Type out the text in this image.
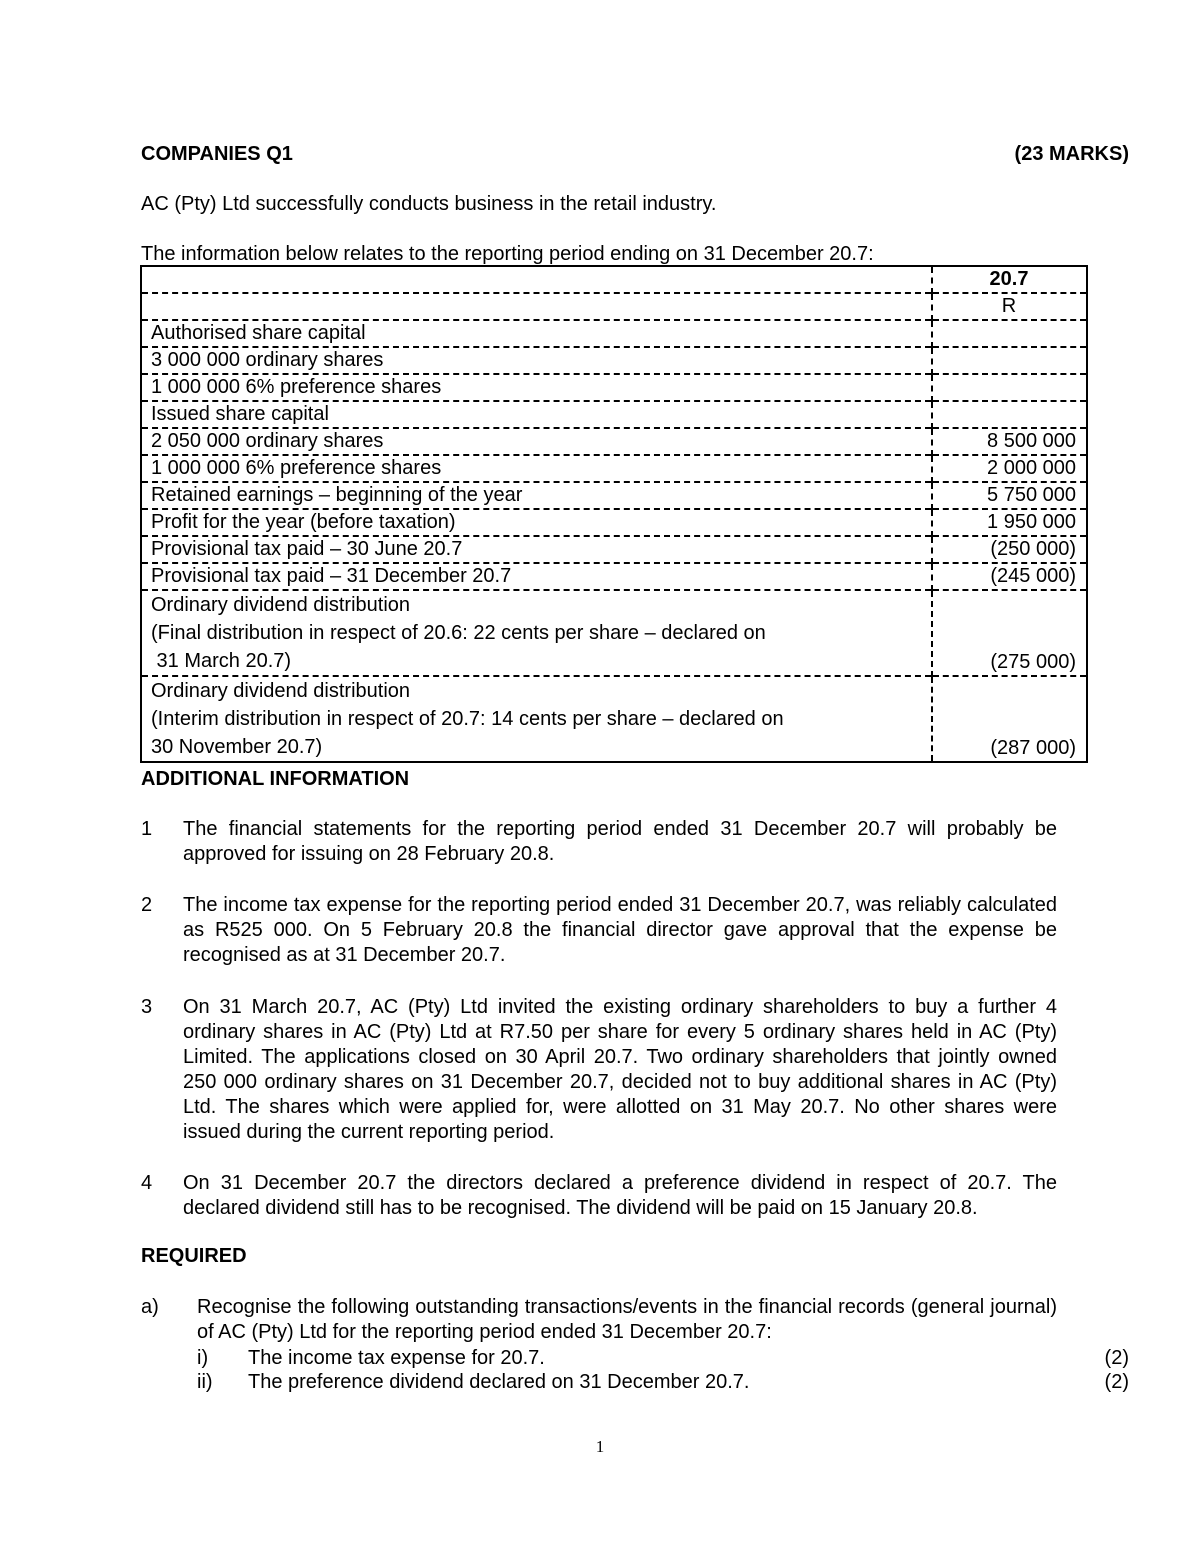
COMPANIES Q1	(23 MARKS)
AC (Pty) Ltd successfully conducts business in the retail industry.
The information below relates to the reporting period ending on 31 December 20.7:
	20.7
	R
Authorised share capital	
3 000 000 ordinary shares	
1 000 000 6% preference shares	
Issued share capital	
2 050 000 ordinary shares	8 500 000
1 000 000 6% preference shares	2 000 000
Retained earnings – beginning of the year	5 750 000
Profit for the year (before taxation)	1 950 000
Provisional tax paid – 30 June 20.7	(250 000)
Provisional tax paid – 31 December 20.7	(245 000)

Ordinary dividend distribution
(Final distribution in respect of 20.6: 22 cents per share – declared on
31 March 20.7)	(275 000)

Ordinary dividend distribution
(Interim distribution in respect of 20.7: 14 cents per share – declared on
30 November 20.7)	(287 000)
ADDITIONAL INFORMATION
1 The financial statements for the reporting period ended 31 December 20.7 will probably be approved for issuing on 28 February 20.8.
2 The income tax expense for the reporting period ended 31 December 20.7, was reliably calculated as R525 000. On 5 February 20.8 the financial director gave approval that the expense be recognised as at 31 December 20.7.
3 On 31 March 20.7, AC (Pty) Ltd invited the existing ordinary shareholders to buy a further 4 ordinary shares in AC (Pty) Ltd at R7.50 per share for every 5 ordinary shares held in AC (Pty) Limited. The applications closed on 30 April 20.7. Two ordinary shareholders that jointly owned 250 000 ordinary shares on 31 December 20.7, decided not to buy additional shares in AC (Pty) Ltd. The shares which were applied for, were allotted on 31 May 20.7. No other shares were issued during the current reporting period.
4 On 31 December 20.7 the directors declared a preference dividend in respect of 20.7. The declared dividend still has to be recognised. The dividend will be paid on 15 January 20.8.
REQUIRED
a) Recognise the following outstanding transactions/events in the financial records (general journal) of AC (Pty) Ltd for the reporting period ended 31 December 20.7:
i) The income tax expense for 20.7.	(2)
ii) The preference dividend declared on 31 December 20.7.	(2)
1
